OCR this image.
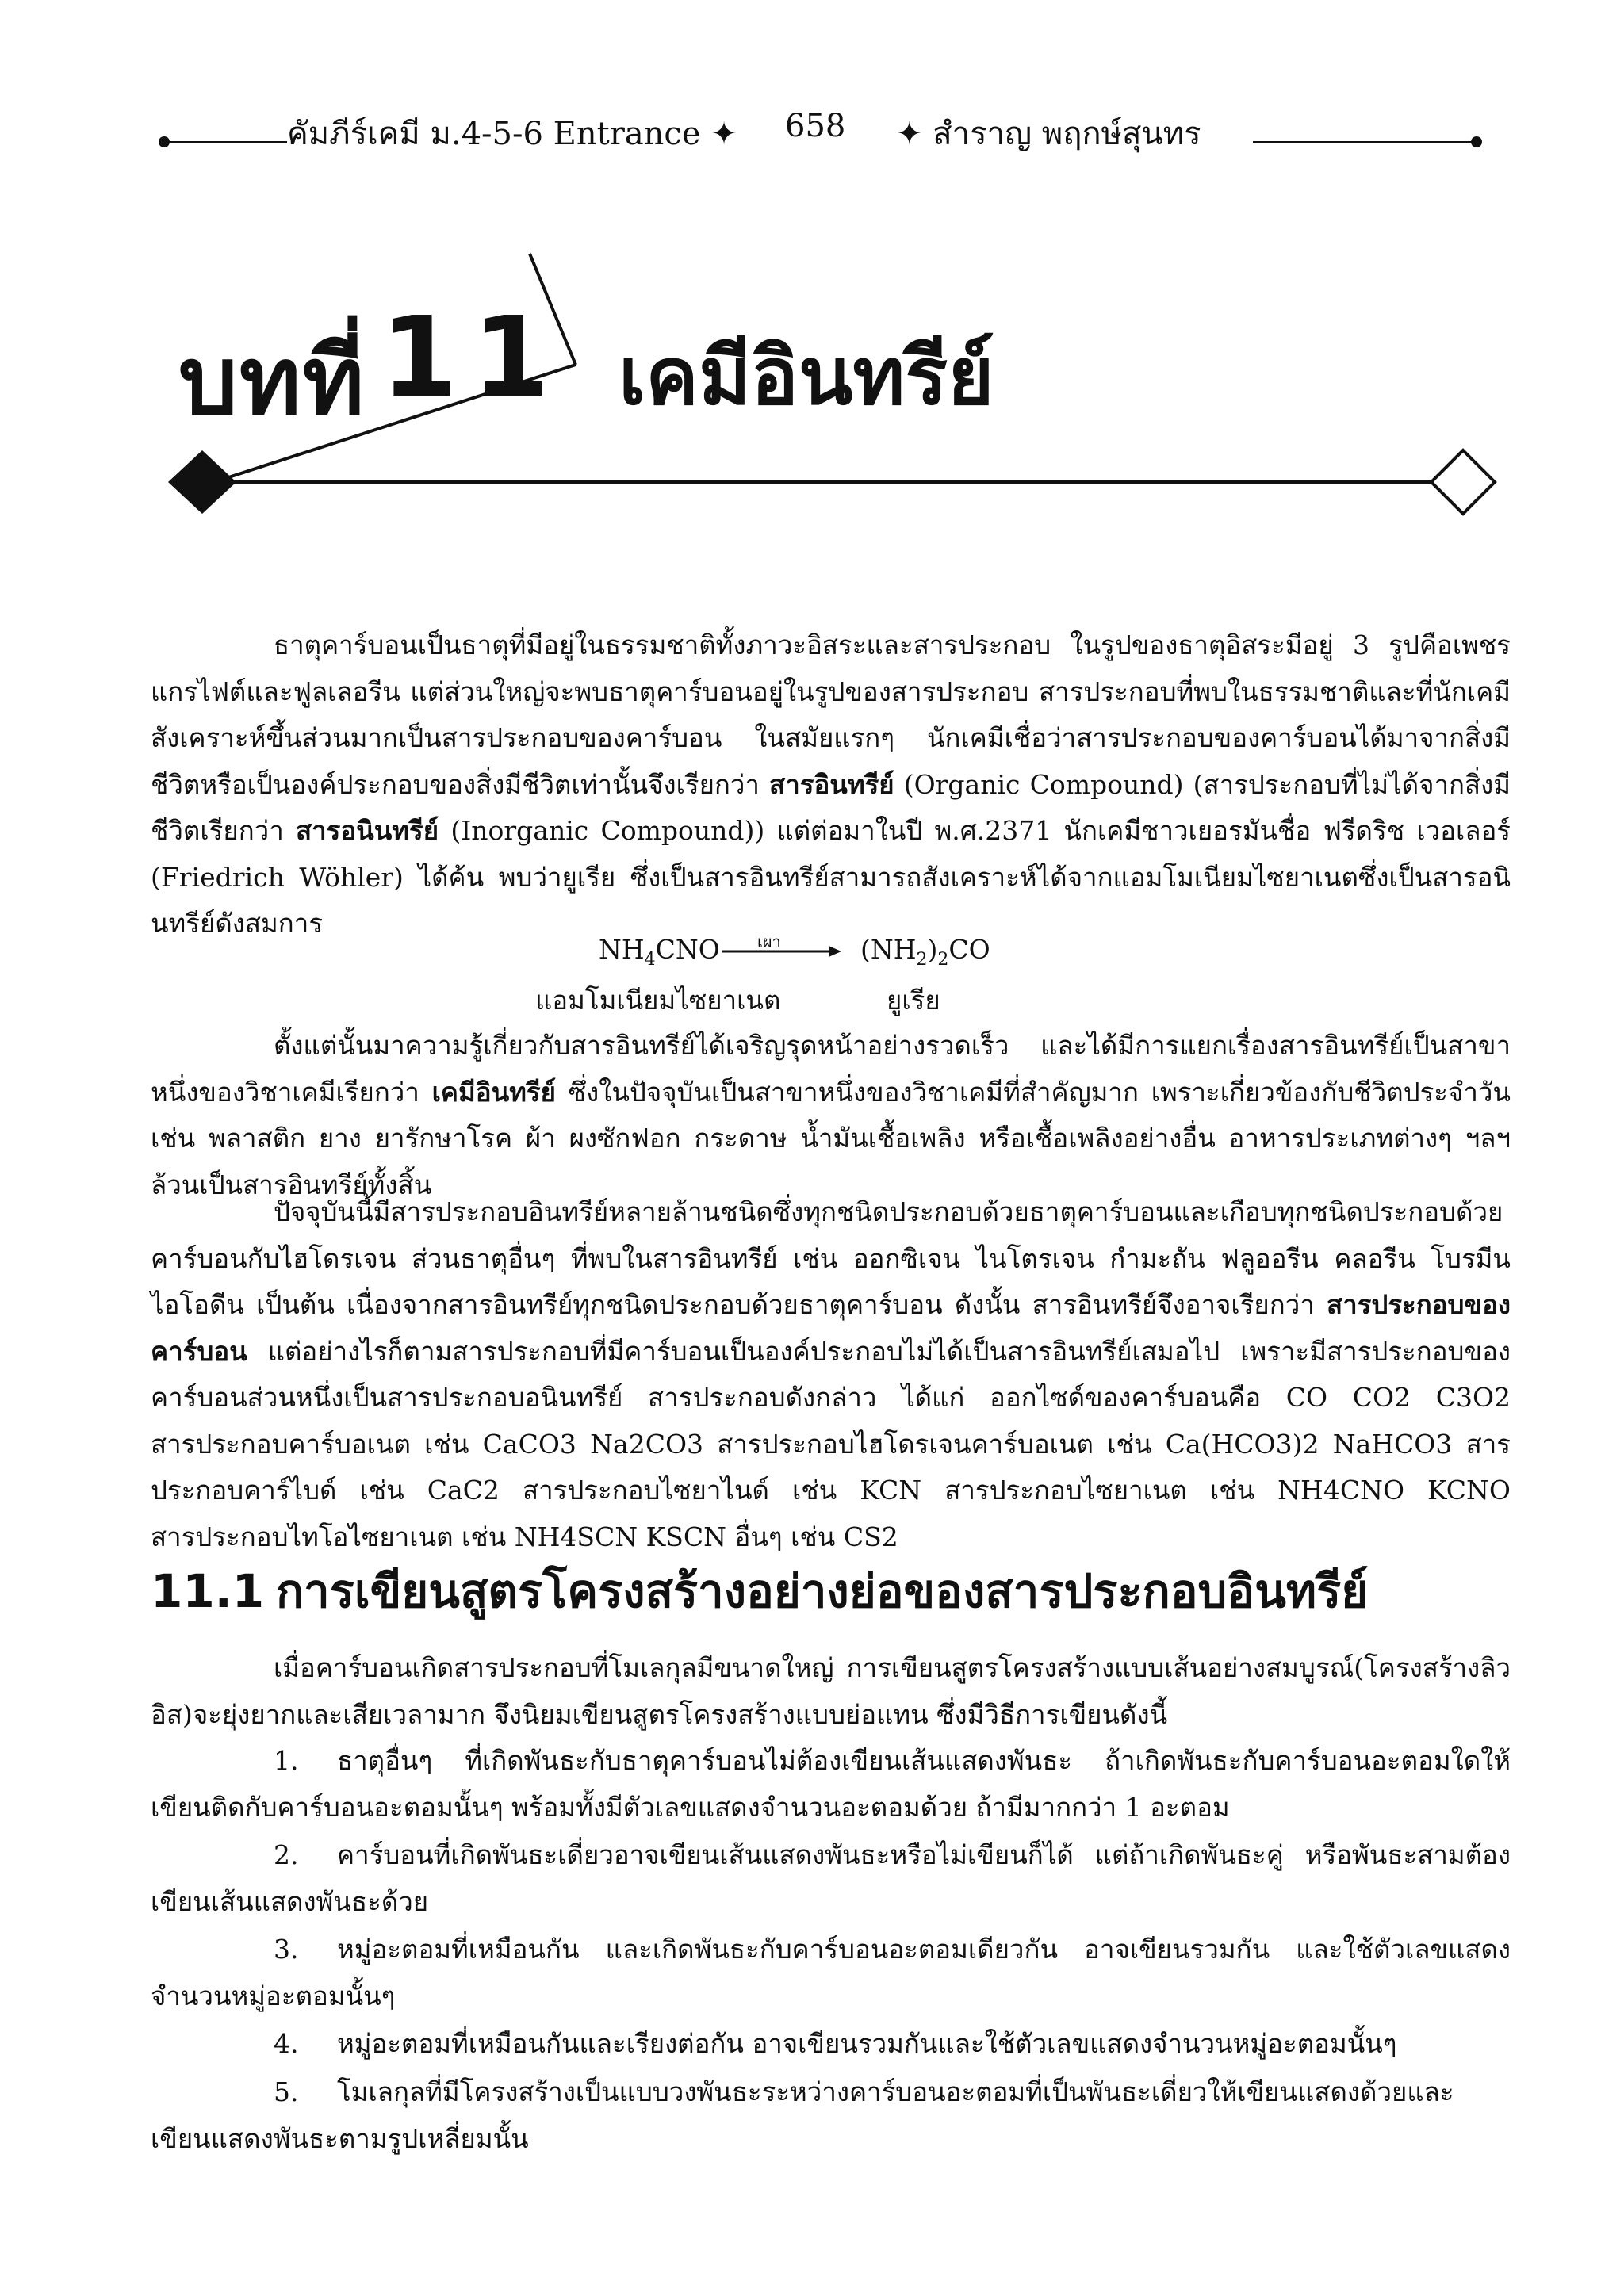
คัมภีร์เคมี ม.4-5-6 Entrance ✦ 658 ✦ สำราญ พฤกษ์สุนทร
บทที่ 11 เคมีอินทรีย์
ธาตุคาร์บอนเป็นธาตุที่มีอยู่ในธรรมชาติทั้งภาวะอิสระและสารประกอบ ในรูปของธาตุอิสระมีอยู่ 3 รูปคือเพชร แกรไฟต์และฟูลเลอรีน แต่ส่วนใหญ่จะพบธาตุคาร์บอนอยู่ในรูปของสารประกอบ สารประกอบที่พบในธรรมชาติและที่นักเคมีสังเคราะห์ขึ้นส่วนมากเป็นสารประกอบของคาร์บอน ในสมัยแรกๆ นักเคมีเชื่อว่าสารประกอบของคาร์บอนได้มาจากสิ่งมีชีวิตหรือเป็นองค์ประกอบของสิ่งมีชีวิตเท่านั้นจึงเรียกว่า สารอินทรีย์ (Organic Compound) (สารประกอบที่ไม่ได้จากสิ่งมีชีวิตเรียกว่า สารอนินทรีย์ (Inorganic Compound)) แต่ต่อมาในปี พ.ศ.2371 นักเคมีชาวเยอรมันชื่อ ฟรีดริช เวอเลอร์ (Friedrich Wöhler) ได้ค้น พบว่ายูเรีย ซึ่งเป็นสารอินทรีย์สามารถสังเคราะห์ได้จากแอมโมเนียมไซยาเนตซึ่งเป็นสารอนินทรีย์ดังสมการ
$NH_4CNO$ เผา	$(NH_2)_2CO$
แอมโมเนียมไซยาเนต	ยูเรีย
ตั้งแต่นั้นมาความรู้เกี่ยวกับสารอินทรีย์ได้เจริญรุดหน้าอย่างรวดเร็ว และได้มีการแยกเรื่องสารอินทรีย์เป็นสาขาหนึ่งของวิชาเคมีเรียกว่า เคมีอินทรีย์ ซึ่งในปัจจุบันเป็นสาขาหนึ่งของวิชาเคมีที่สำคัญมาก เพราะเกี่ยวข้องกับชีวิตประจำวัน เช่น พลาสติก ยาง ยารักษาโรค ผ้า ผงซักฟอก กระดาษ น้ำมันเชื้อเพลิง หรือเชื้อเพลิงอย่างอื่น อาหารประเภทต่างๆ ฯลฯ ล้วนเป็นสารอินทรีย์ทั้งสิ้น
ปัจจุบันนี้มีสารประกอบอินทรีย์หลายล้านชนิดซึ่งทุกชนิดประกอบด้วยธาตุคาร์บอนและเกือบทุกชนิดประกอบด้วยคาร์บอนกับไฮโดรเจน ส่วนธาตุอื่นๆ ที่พบในสารอินทรีย์ เช่น ออกซิเจน ไนโตรเจน กำมะถัน ฟลูออรีน คลอรีน โบรมีน ไอโอดีน เป็นต้น เนื่องจากสารอินทรีย์ทุกชนิดประกอบด้วยธาตุคาร์บอน ดังนั้น สารอินทรีย์จึงอาจเรียกว่า สารประกอบของคาร์บอน แต่อย่างไรก็ตามสารประกอบที่มีคาร์บอนเป็นองค์ประกอบไม่ได้เป็นสารอินทรีย์เสมอไป เพราะมีสารประกอบของคาร์บอนส่วนหนึ่งเป็นสารประกอบอนินทรีย์ สารประกอบดังกล่าว ได้แก่ ออกไซด์ของคาร์บอนคือ CO CO2 C3O2 สารประกอบคาร์บอเนต เช่น CaCO3 Na2CO3 สารประกอบไฮโดรเจนคาร์บอเนต เช่น Ca(HCO3)2 NaHCO3 สารประกอบคาร์ไบด์ เช่น CaC2 สารประกอบไซยาไนด์ เช่น KCN สารประกอบไซยาเนต เช่น NH4CNO KCNO สารประกอบไทโอไซยาเนต เช่น NH4SCN KSCN อื่นๆ เช่น CS2
11.1 การเขียนสูตรโครงสร้างอย่างย่อของสารประกอบอินทรีย์
เมื่อคาร์บอนเกิดสารประกอบที่โมเลกุลมีขนาดใหญ่ การเขียนสูตรโครงสร้างแบบเส้นอย่างสมบูรณ์(โครงสร้างลิวอิส)จะยุ่งยากและเสียเวลามาก จึงนิยมเขียนสูตรโครงสร้างแบบย่อแทน ซึ่งมีวิธีการเขียนดังนี้
1. ธาตุอื่นๆ ที่เกิดพันธะกับธาตุคาร์บอนไม่ต้องเขียนเส้นแสดงพันธะ ถ้าเกิดพันธะกับคาร์บอนอะตอมใดให้เขียนติดกับคาร์บอนอะตอมนั้นๆ พร้อมทั้งมีตัวเลขแสดงจำนวนอะตอมด้วย ถ้ามีมากกว่า 1 อะตอม
2. คาร์บอนที่เกิดพันธะเดี่ยวอาจเขียนเส้นแสดงพันธะหรือไม่เขียนก็ได้ แต่ถ้าเกิดพันธะคู่ หรือพันธะสามต้องเขียนเส้นแสดงพันธะด้วย
3. หมู่อะตอมที่เหมือนกัน และเกิดพันธะกับคาร์บอนอะตอมเดียวกัน อาจเขียนรวมกัน และใช้ตัวเลขแสดงจำนวนหมู่อะตอมนั้นๆ
4. หมู่อะตอมที่เหมือนกันและเรียงต่อกัน อาจเขียนรวมกันและใช้ตัวเลขแสดงจำนวนหมู่อะตอมนั้นๆ
5. โมเลกุลที่มีโครงสร้างเป็นแบบวงพันธะระหว่างคาร์บอนอะตอมที่เป็นพันธะเดี่ยวให้เขียนแสดงด้วยและเขียนแสดงพันธะตามรูปเหลี่ยมนั้น
